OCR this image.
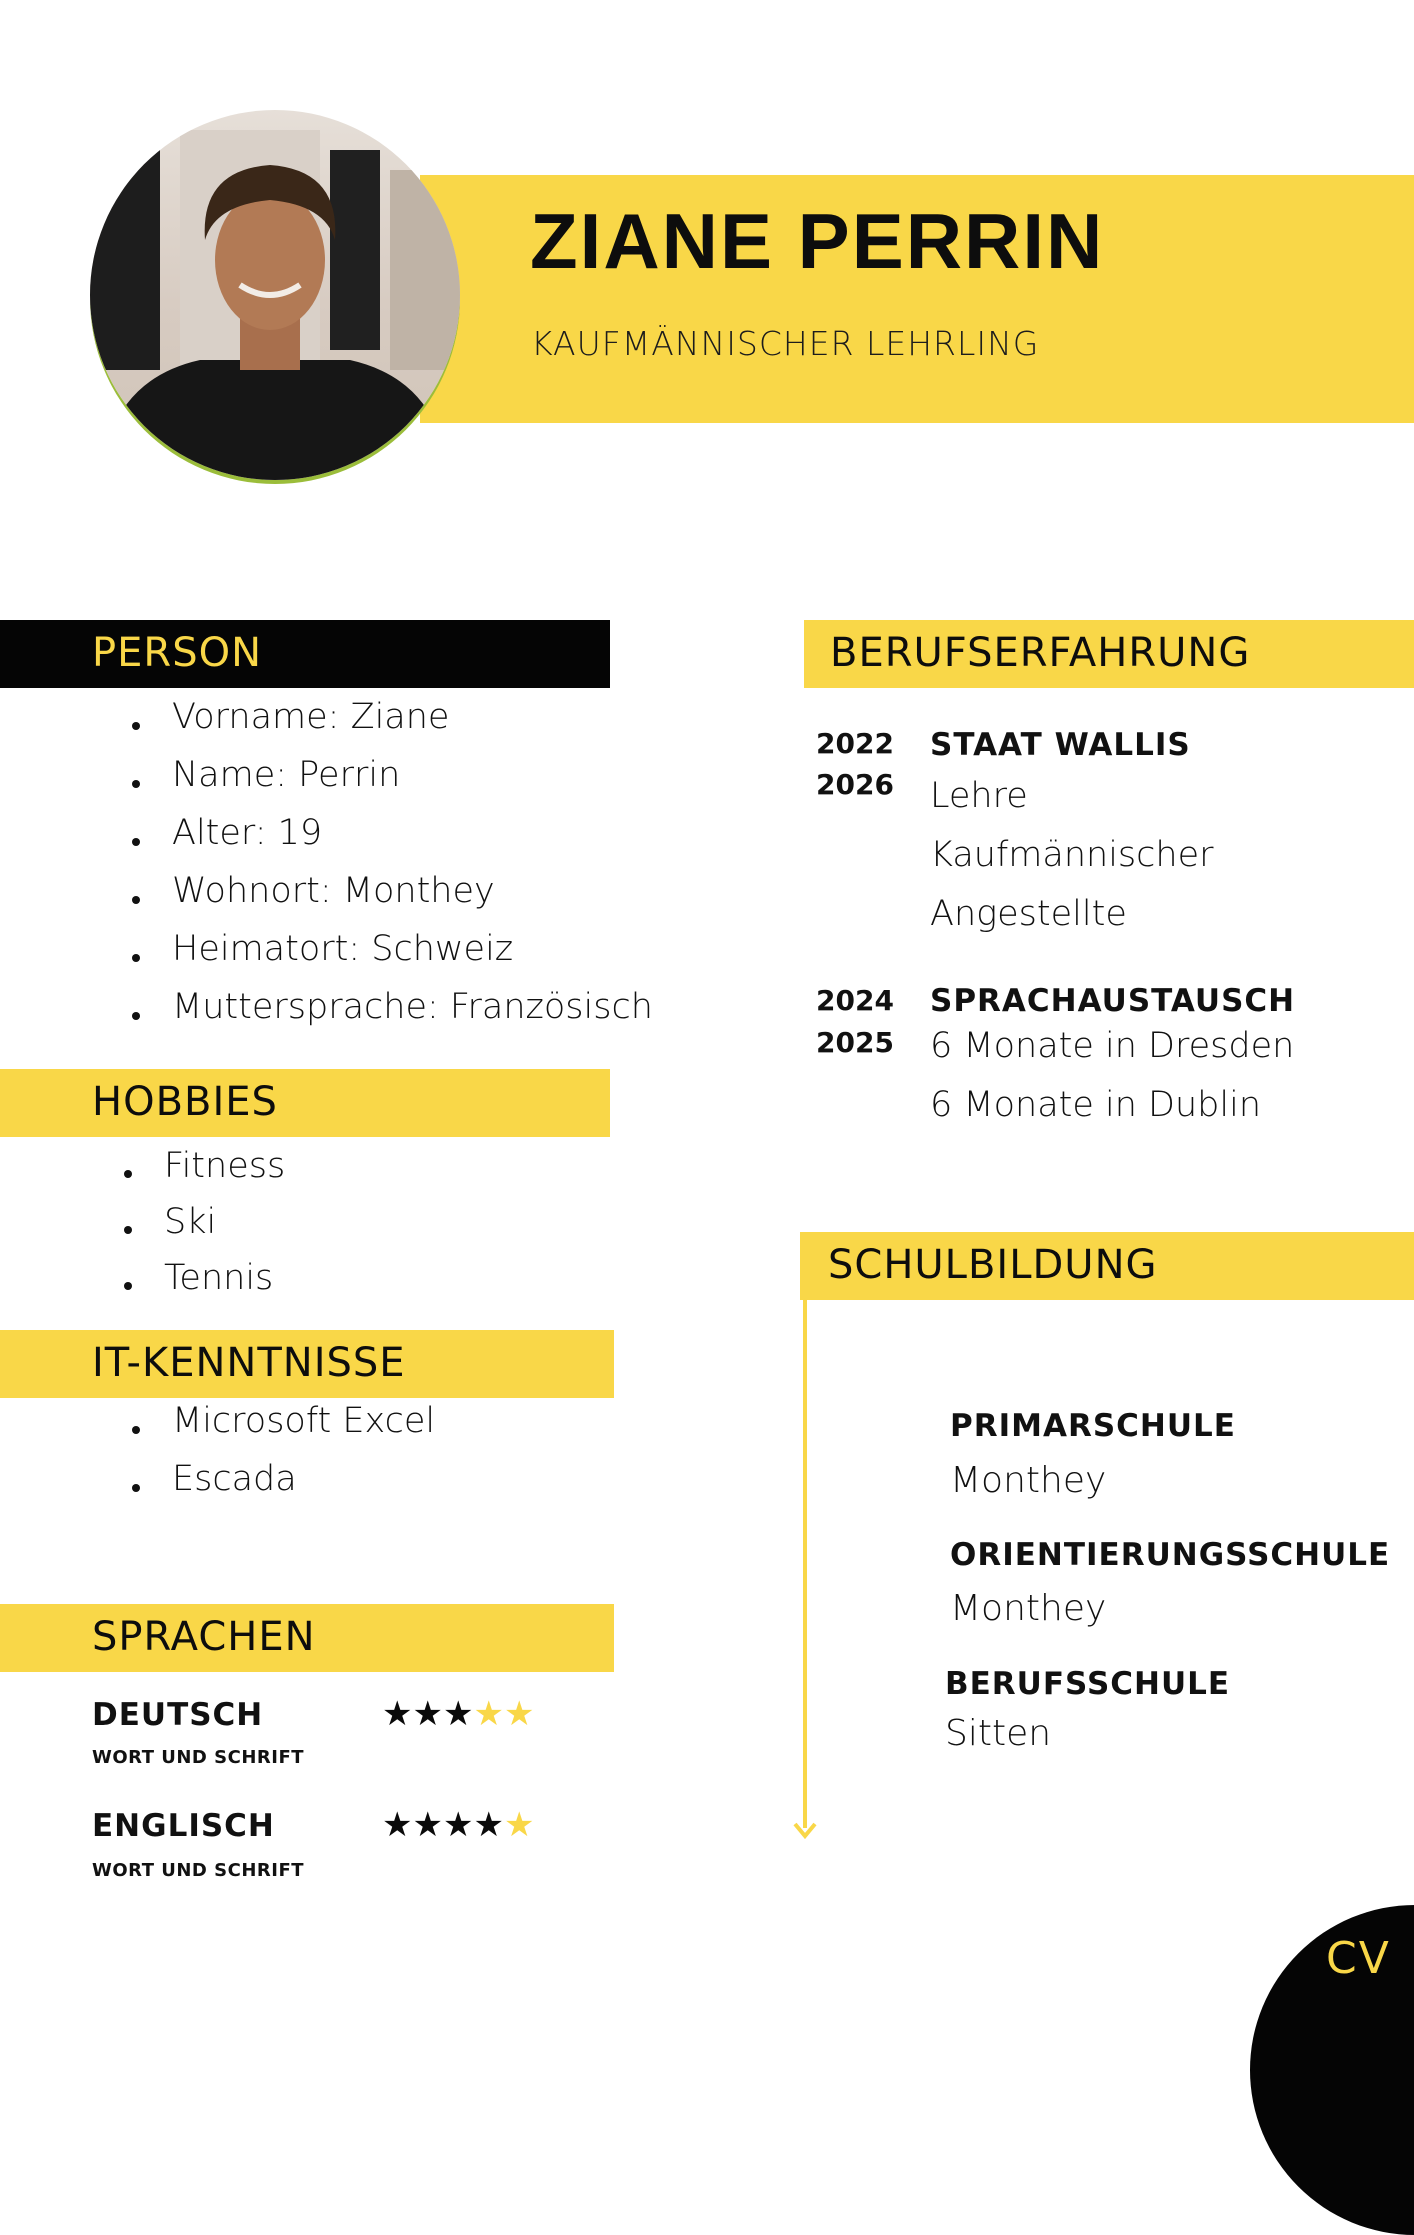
ZIANE PERRIN
KAUFMÄNNISCHER LEHRLING
PERSON
Vorname: Ziane
Name: Perrin
Alter: 19
Wohnort: Monthey
Heimatort: Schweiz
Muttersprache: Französisch
HOBBIES
Fitness
Ski
Tennis
IT-KENNTNISSE
Microsoft Excel
Escada
SPRACHEN
DEUTSCH
WORT UND SCHRIFT
★★★★★
ENGLISCH
WORT UND SCHRIFT
★★★★★
BERUFSERFAHRUNG
2022
2026
STAAT WALLIS
Lehre
Kaufmännischer
Angestellte
2024
2025
SPRACHAUSTAUSCH
6 Monate in Dresden
6 Monate in Dublin
SCHULBILDUNG
PRIMARSCHULE
Monthey
ORIENTIERUNGSSCHULE
Monthey
BERUFSSCHULE
Sitten
CV
